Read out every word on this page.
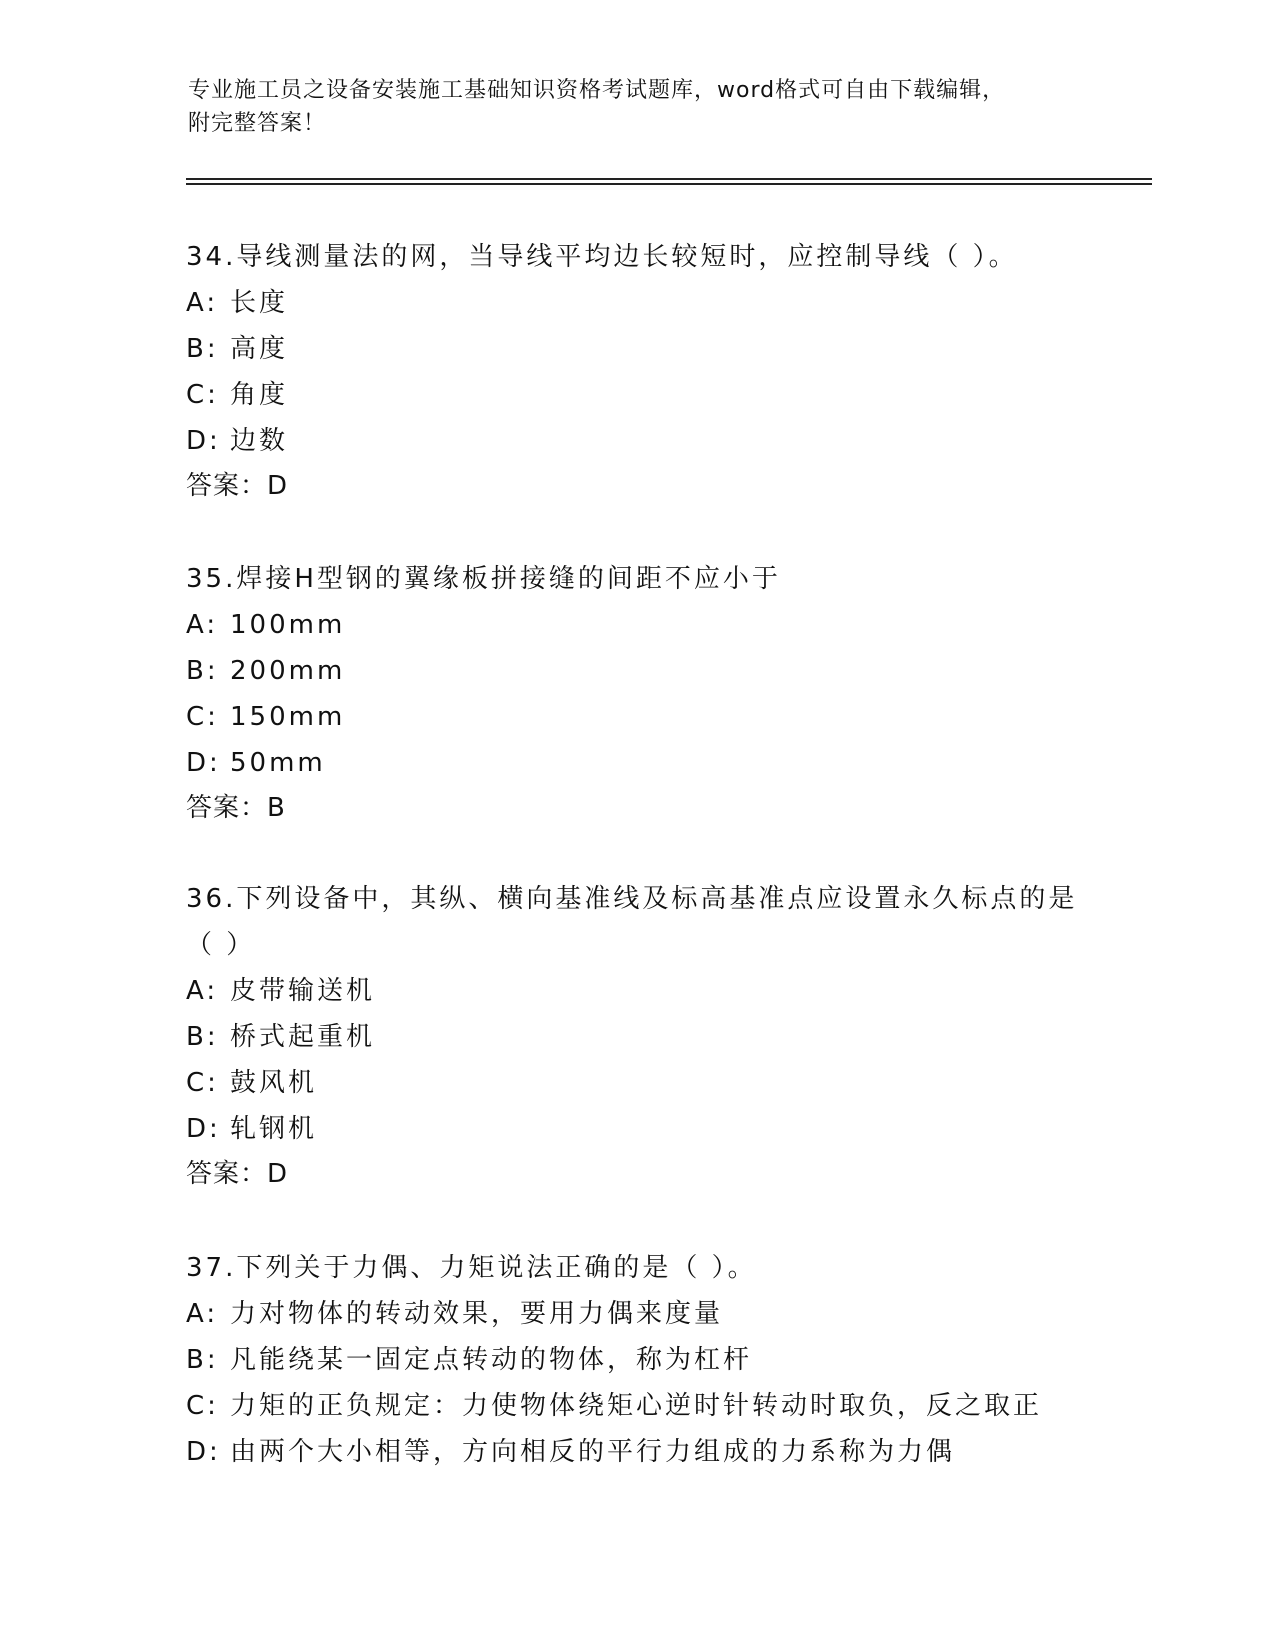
专业施工员之设备安装施工基础知识资格考试题库，word格式可自由下载编辑，
附完整答案！
34.导线测量法的网，当导线平均边长较短时，应控制导线（ ）。
A: 长度
B: 高度
C: 角度
D: 边数
答案：D
35.焊接H型钢的翼缘板拼接缝的间距不应小于
A: 100mm
B: 200mm
C: 150mm
D: 50mm
答案：B
36.下列设备中，其纵、横向基准线及标高基准点应设置永久标点的是
（ ）
A: 皮带输送机
B: 桥式起重机
C: 鼓风机
D: 轧钢机
答案：D
37.下列关于力偶、力矩说法正确的是（ ）。
A: 力对物体的转动效果，要用力偶来度量
B: 凡能绕某一固定点转动的物体，称为杠杆
C: 力矩的正负规定：力使物体绕矩心逆时针转动时取负，反之取正
D: 由两个大小相等，方向相反的平行力组成的力系称为力偶
